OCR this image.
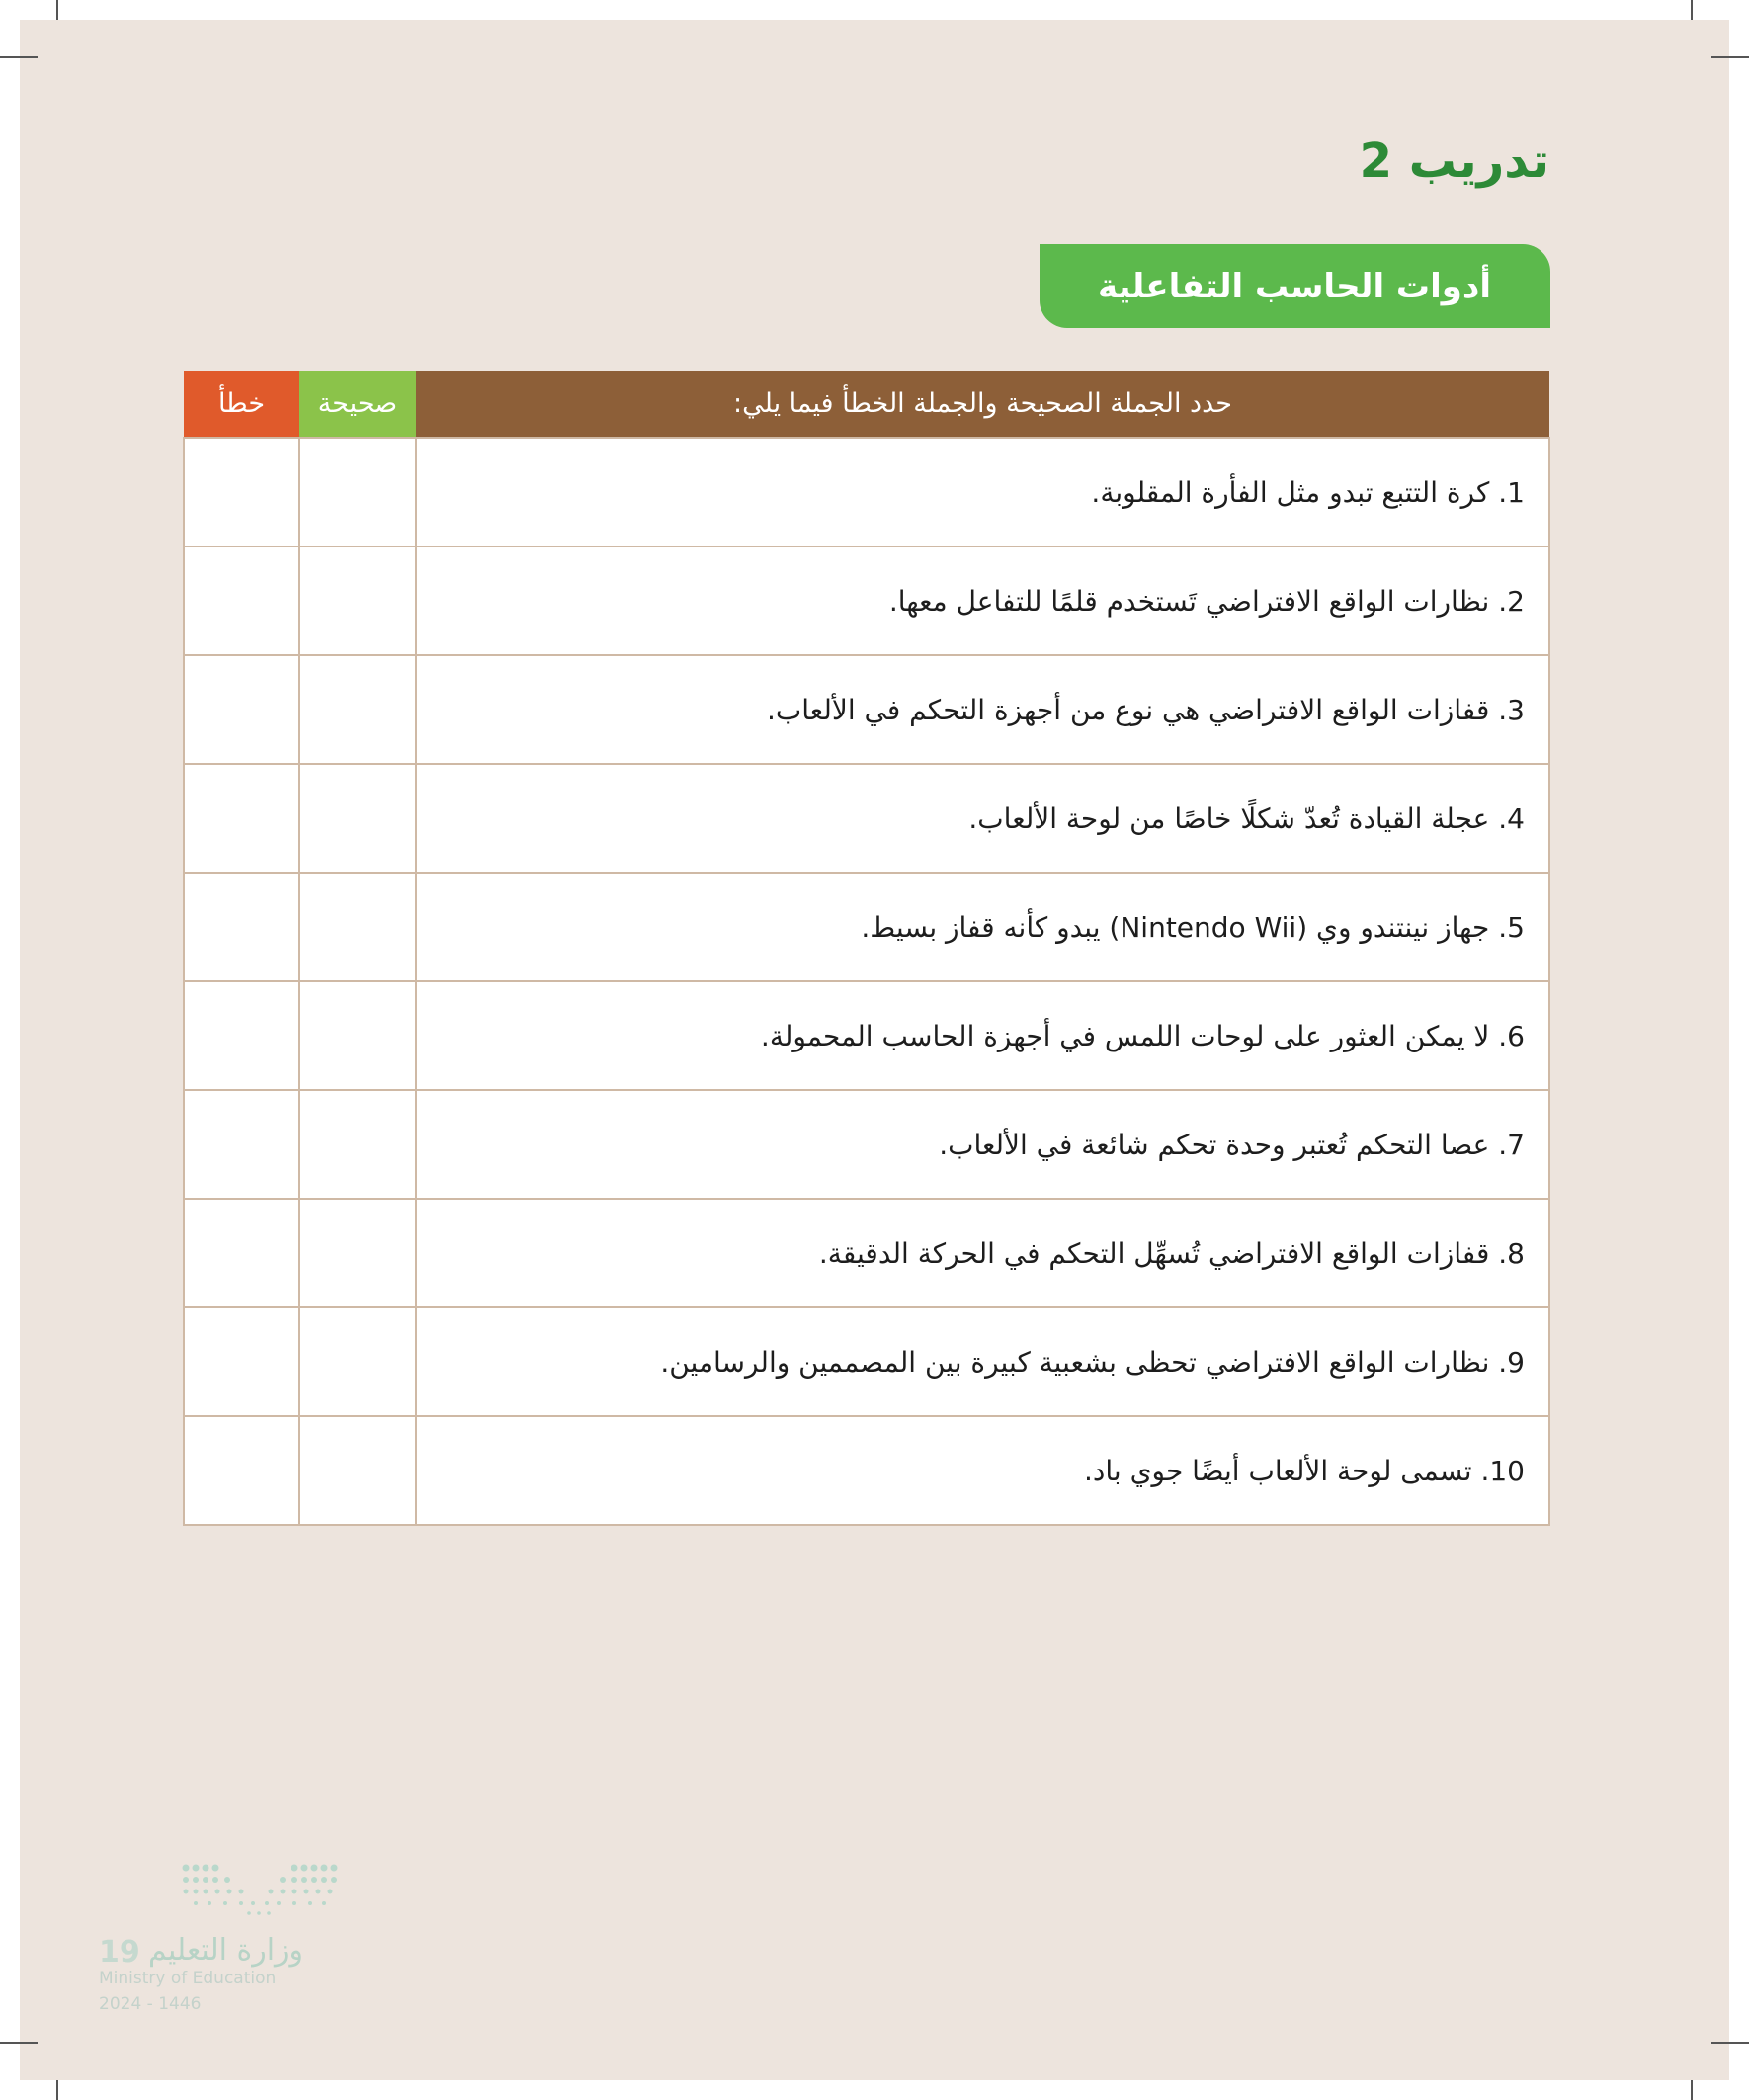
تدريب 2
أدوات الحاسب التفاعلية
حدد الجملة الصحيحة والجملة الخطأ فيما يلي:	صحيحة	خطأ
1. كرة التتبع تبدو مثل الفأرة المقلوبة.		
2. نظارات الواقع الافتراضي تَستخدم قلمًا للتفاعل معها.		
3. قفازات الواقع الافتراضي هي نوع من أجهزة التحكم في الألعاب.		
4. عجلة القيادة تُعدّ شكلًا خاصًا من لوحة الألعاب.		
5. جهاز نينتندو وي (Nintendo Wii) يبدو كأنه قفاز بسيط.		
6. لا يمكن العثور على لوحات اللمس في أجهزة الحاسب المحمولة.		
7. عصا التحكم تُعتبر وحدة تحكم شائعة في الألعاب.		
8. قفازات الواقع الافتراضي تُسهِّل التحكم في الحركة الدقيقة.		
9. نظارات الواقع الافتراضي تحظى بشعبية كبيرة بين المصممين والرسامين.		
10. تسمى لوحة الألعاب أيضًا جوي باد.		
وزارة التعليم
19
Ministry of Education
2024 - 1446
